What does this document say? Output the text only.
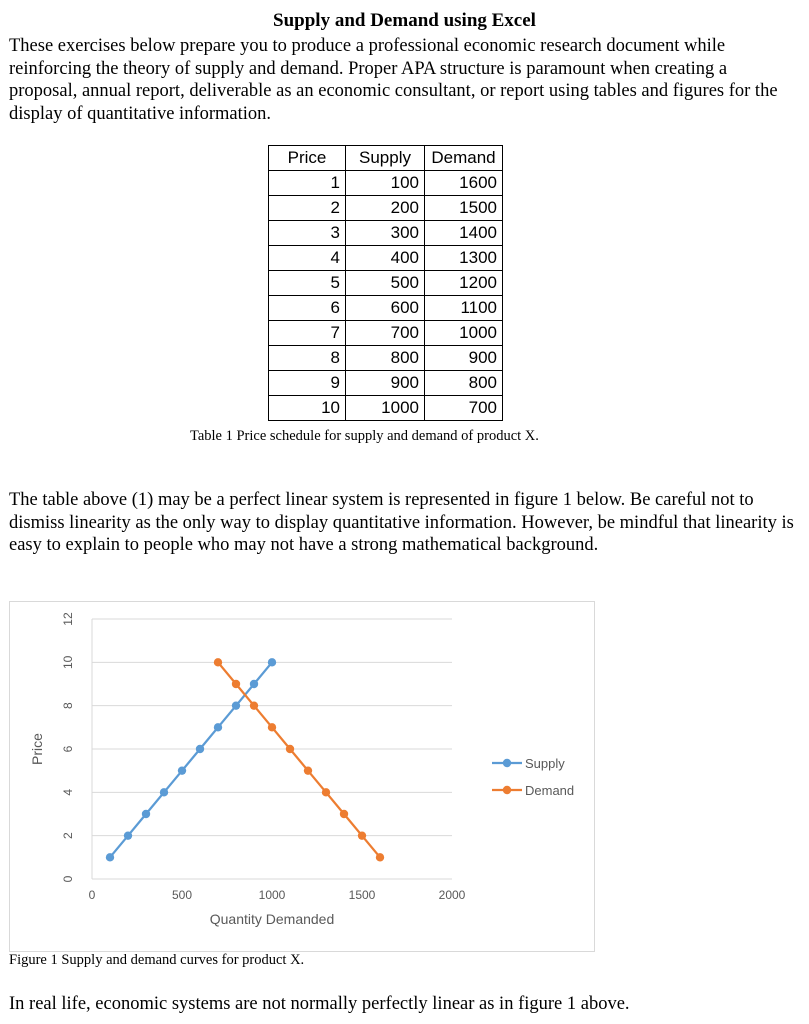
Supply and Demand using Excel
These exercises below prepare you to produce a professional economic research document while reinforcing the theory of supply and demand. Proper APA structure is paramount when creating a proposal, annual report, deliverable as an economic consultant, or report using tables and figures for the display of quantitative information.
Price	Supply	Demand
1	100	1600
2	200	1500
3	300	1400
4	400	1300
5	500	1200
6	600	1100
7	700	1000
8	800	900
9	900	800
10	1000	700
Table 1 Price schedule for supply and demand of product X.
The table above (1) may be a perfect linear system is represented in figure 1 below. Be careful not to dismiss linearity as the only way to display quantitative information. However, be mindful that linearity is easy to explain to people who may not have a strong mathematical background.
0
2
4
6
8
10
12
0	500	1000	1500	2000
Quantity Demanded
Price	Supply
Demand
Figure 1 Supply and demand curves for product X.
In real life, economic systems are not normally perfectly linear as in figure 1 above.
